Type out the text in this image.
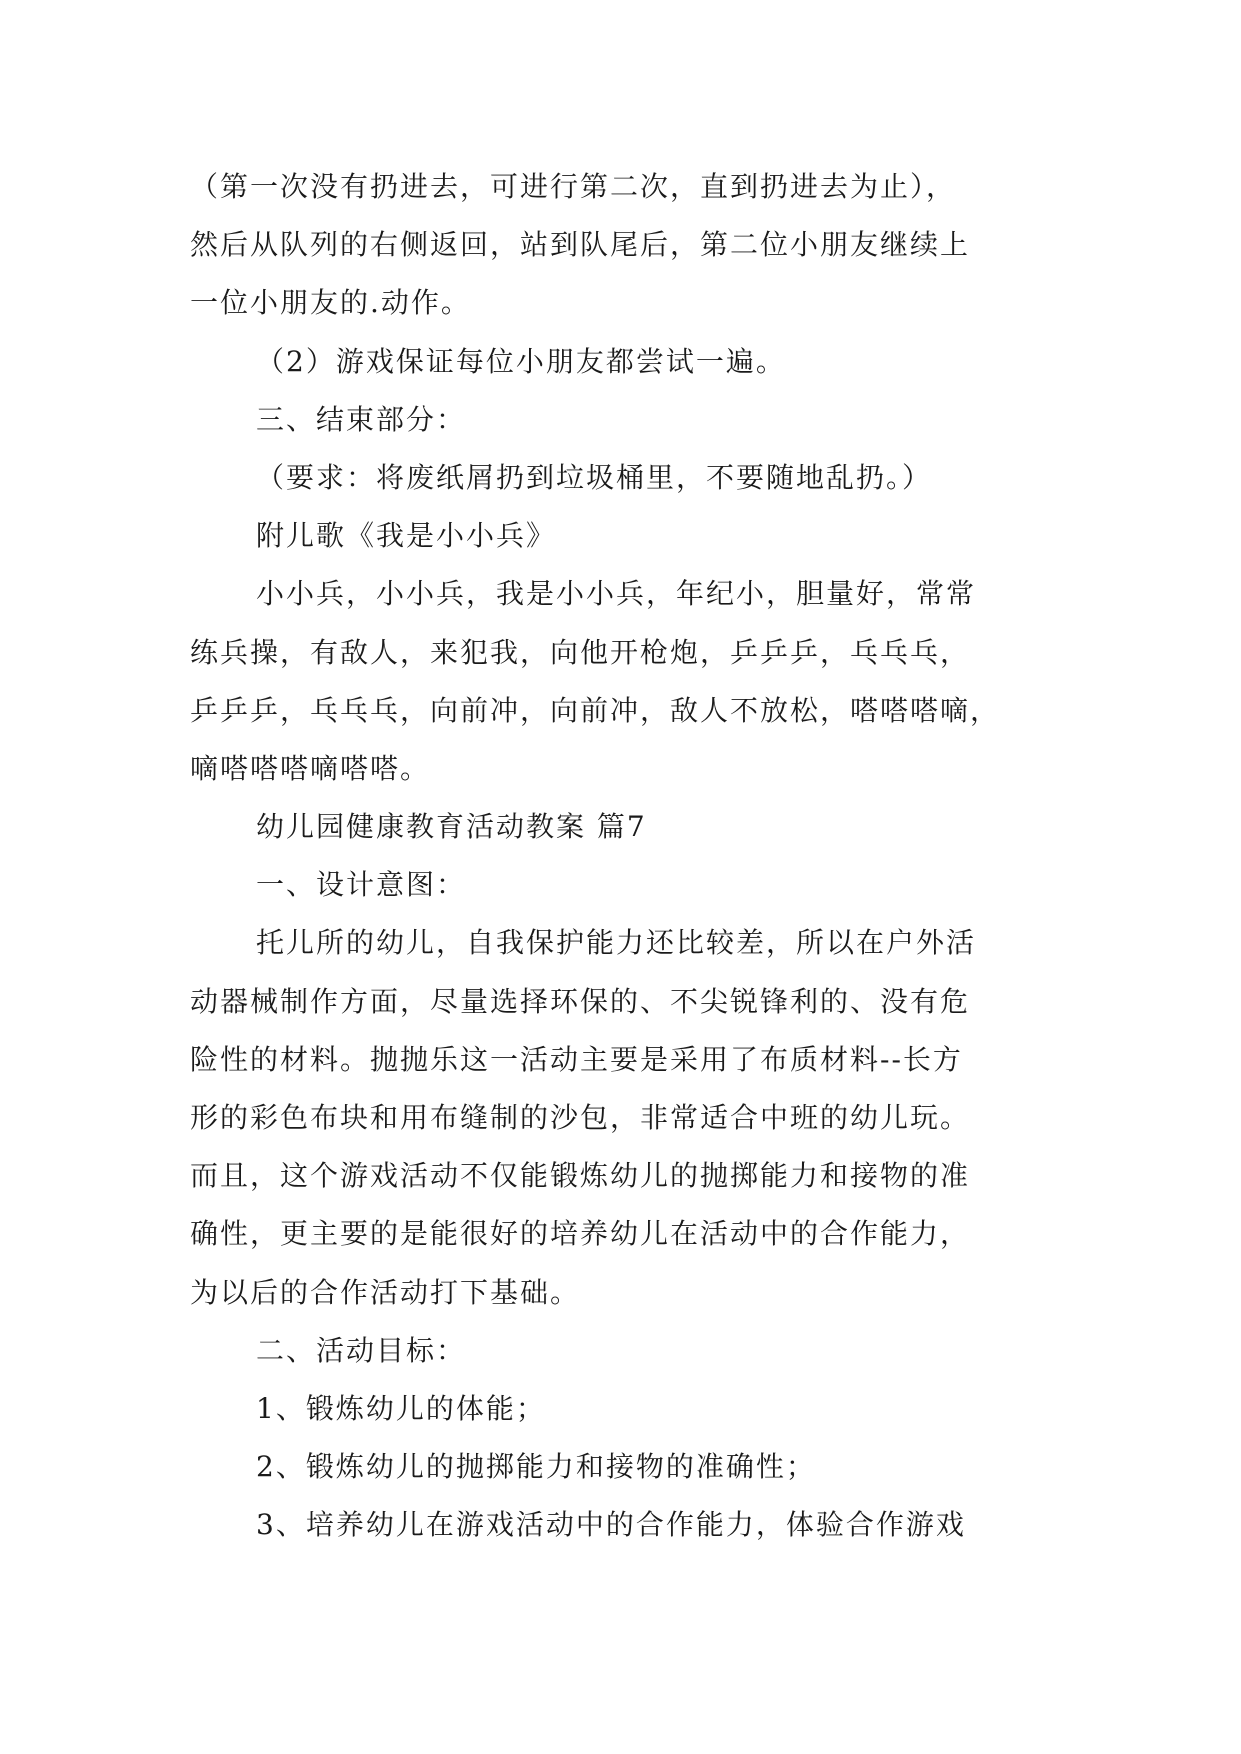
（第一次没有扔进去，可进行第二次，直到扔进去为止），
然后从队列的右侧返回，站到队尾后，第二位小朋友继续上
一位小朋友的.动作。
（2）游戏保证每位小朋友都尝试一遍。
三、结束部分：
（要求：将废纸屑扔到垃圾桶里，不要随地乱扔。）
附儿歌《我是小小兵》
小小兵，小小兵，我是小小兵，年纪小，胆量好，常常
练兵操，有敌人，来犯我，向他开枪炮，乒乒乒，乓乓乓，
乒乒乒，乓乓乓，向前冲，向前冲，敌人不放松，嗒嗒嗒嘀，
嘀嗒嗒嗒嘀嗒嗒。
幼儿园健康教育活动教案 篇7
一、设计意图：
托儿所的幼儿，自我保护能力还比较差，所以在户外活
动器械制作方面，尽量选择环保的、不尖锐锋利的、没有危
险性的材料。抛抛乐这一活动主要是采用了布质材料--长方
形的彩色布块和用布缝制的沙包，非常适合中班的幼儿玩。
而且，这个游戏活动不仅能锻炼幼儿的抛掷能力和接物的准
确性，更主要的是能很好的培养幼儿在活动中的合作能力，
为以后的合作活动打下基础。
二、活动目标：
1、锻炼幼儿的体能；
2、锻炼幼儿的抛掷能力和接物的准确性；
3、培养幼儿在游戏活动中的合作能力，体验合作游戏
